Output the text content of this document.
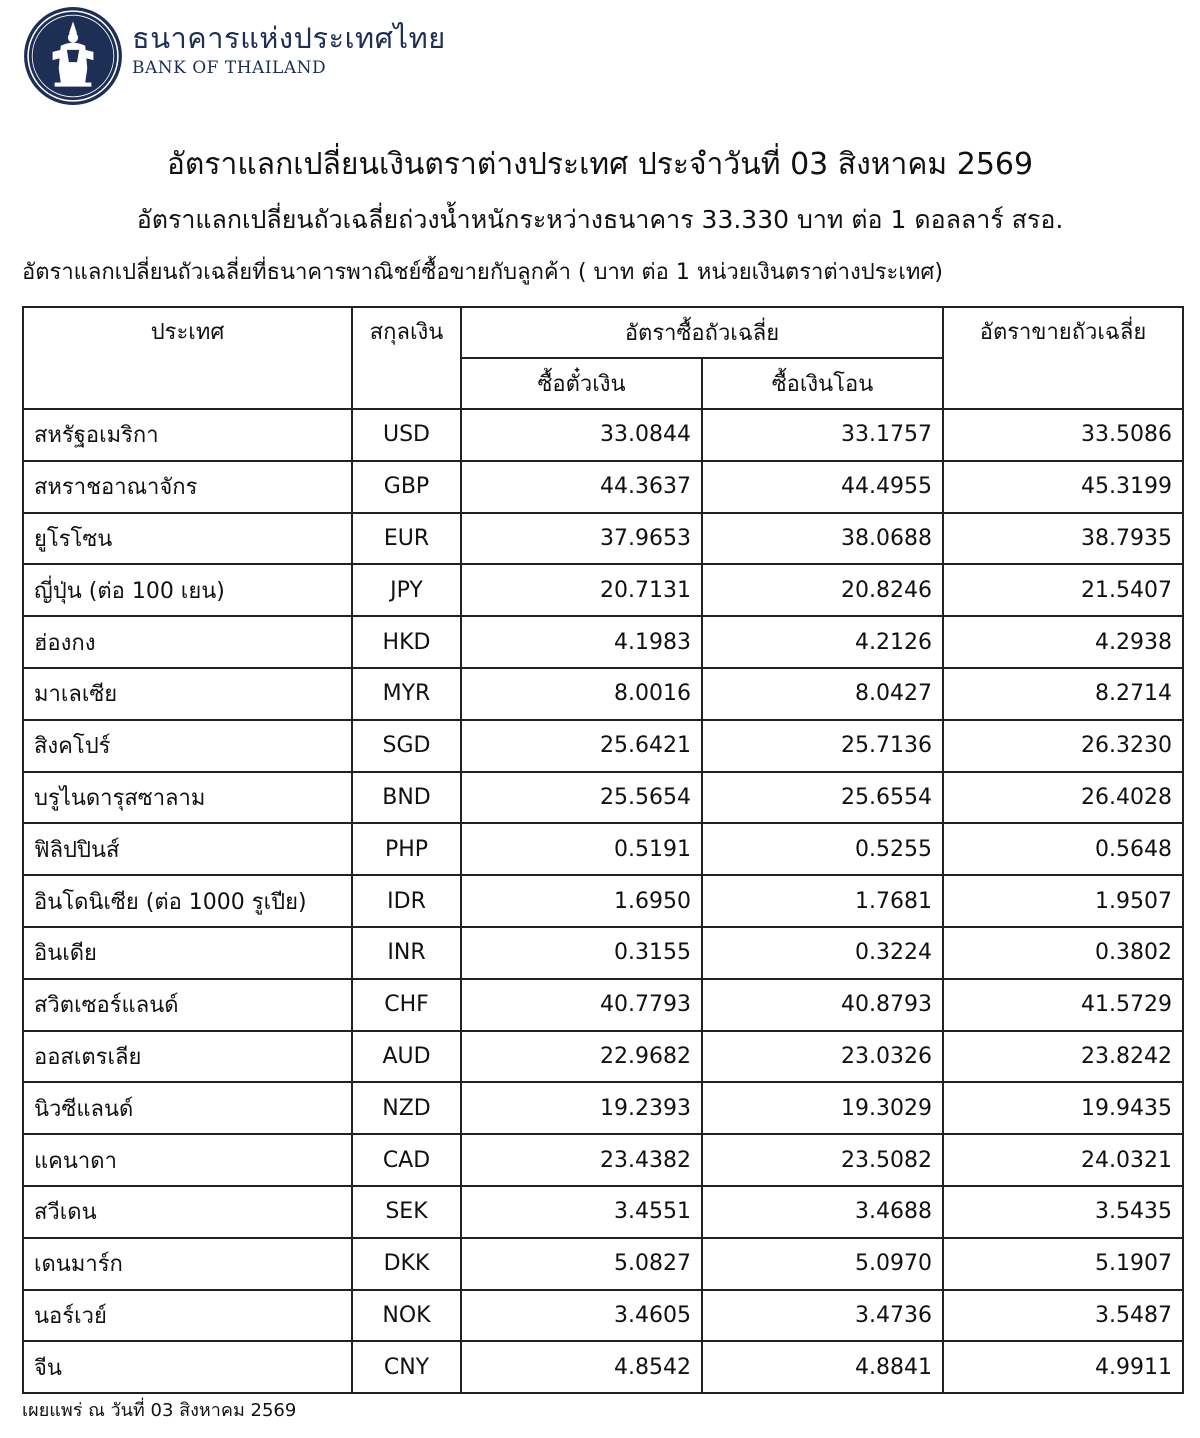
ธนาคารแห่งประเทศไทย
BANK OF THAILAND
อัตราแลกเปลี่ยนเงินตราต่างประเทศ ประจำวันที่ 03 สิงหาคม 2569
อัตราแลกเปลี่ยนถัวเฉลี่ยถ่วงน้ำหนักระหว่างธนาคาร 33.330 บาท ต่อ 1 ดอลลาร์ สรอ.
อัตราแลกเปลี่ยนถัวเฉลี่ยที่ธนาคารพาณิชย์ซื้อขายกับลูกค้า ( บาท ต่อ 1 หน่วยเงินตราต่างประเทศ)
ประเทศ	สกุลเงิน	อัตราซื้อถัวเฉลี่ย		อัตราขายถัวเฉลี่ย
		ซื้อตั๋วเงิน	ซื้อเงินโอน	
สหรัฐอเมริกา	USD	33.0844	33.1757	33.5086
สหราชอาณาจักร	GBP	44.3637	44.4955	45.3199
ยูโรโซน	EUR	37.9653	38.0688	38.7935
ญี่ปุ่น (ต่อ 100 เยน)	JPY	20.7131	20.8246	21.5407
ฮ่องกง	HKD	4.1983	4.2126	4.2938
มาเลเซีย	MYR	8.0016	8.0427	8.2714
สิงคโปร์	SGD	25.6421	25.7136	26.3230
บรูไนดารุสซาลาม	BND	25.5654	25.6554	26.4028
ฟิลิปปินส์	PHP	0.5191	0.5255	0.5648
อินโดนิเซีย (ต่อ 1000 รูเปีย)	IDR	1.6950	1.7681	1.9507
อินเดีย	INR	0.3155	0.3224	0.3802
สวิตเซอร์แลนด์	CHF	40.7793	40.8793	41.5729
ออสเตรเลีย	AUD	22.9682	23.0326	23.8242
นิวซีแลนด์	NZD	19.2393	19.3029	19.9435
แคนาดา	CAD	23.4382	23.5082	24.0321
สวีเดน	SEK	3.4551	3.4688	3.5435
เดนมาร์ก	DKK	5.0827	5.0970	5.1907
นอร์เวย์	NOK	3.4605	3.4736	3.5487
จีน	CNY	4.8542	4.8841	4.9911
เผยแพร่ ณ วันที่ 03 สิงหาคม 2569
